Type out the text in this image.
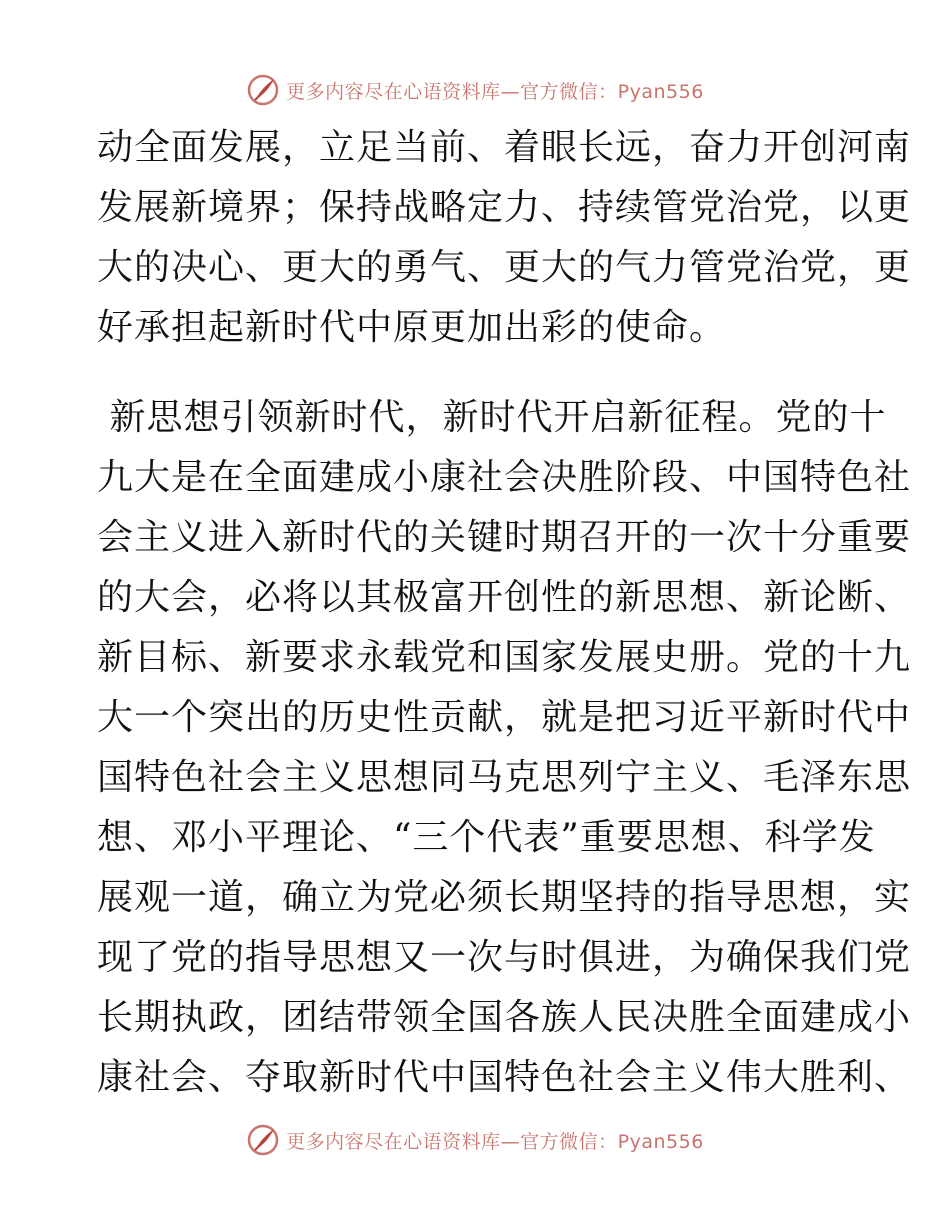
更多内容尽在心语资料库—官方微信：Pyan556

动全面发展，立足当前、着眼长远，奋力开创河南
发展新境界；保持战略定力、持续管党治党，以更
大的决心、更大的勇气、更大的气力管党治党，更
好承担起新时代中原更加出彩的使命。

新思想引领新时代，新时代开启新征程。党的十
九大是在全面建成小康社会决胜阶段、中国特色社
会主义进入新时代的关键时期召开的一次十分重要
的大会，必将以其极富开创性的新思想、新论断、
新目标、新要求永载党和国家发展史册。党的十九
大一个突出的历史性贡献，就是把习近平新时代中
国特色社会主义思想同马克思列宁主义、毛泽东思
想、邓小平理论、“三个代表”重要思想、科学发
展观一道，确立为党必须长期坚持的指导思想，实
现了党的指导思想又一次与时俱进，为确保我们党
长期执政，团结带领全国各族人民决胜全面建成小
康社会、夺取新时代中国特色社会主义伟大胜利、

更多内容尽在心语资料库—官方微信：Pyan556
